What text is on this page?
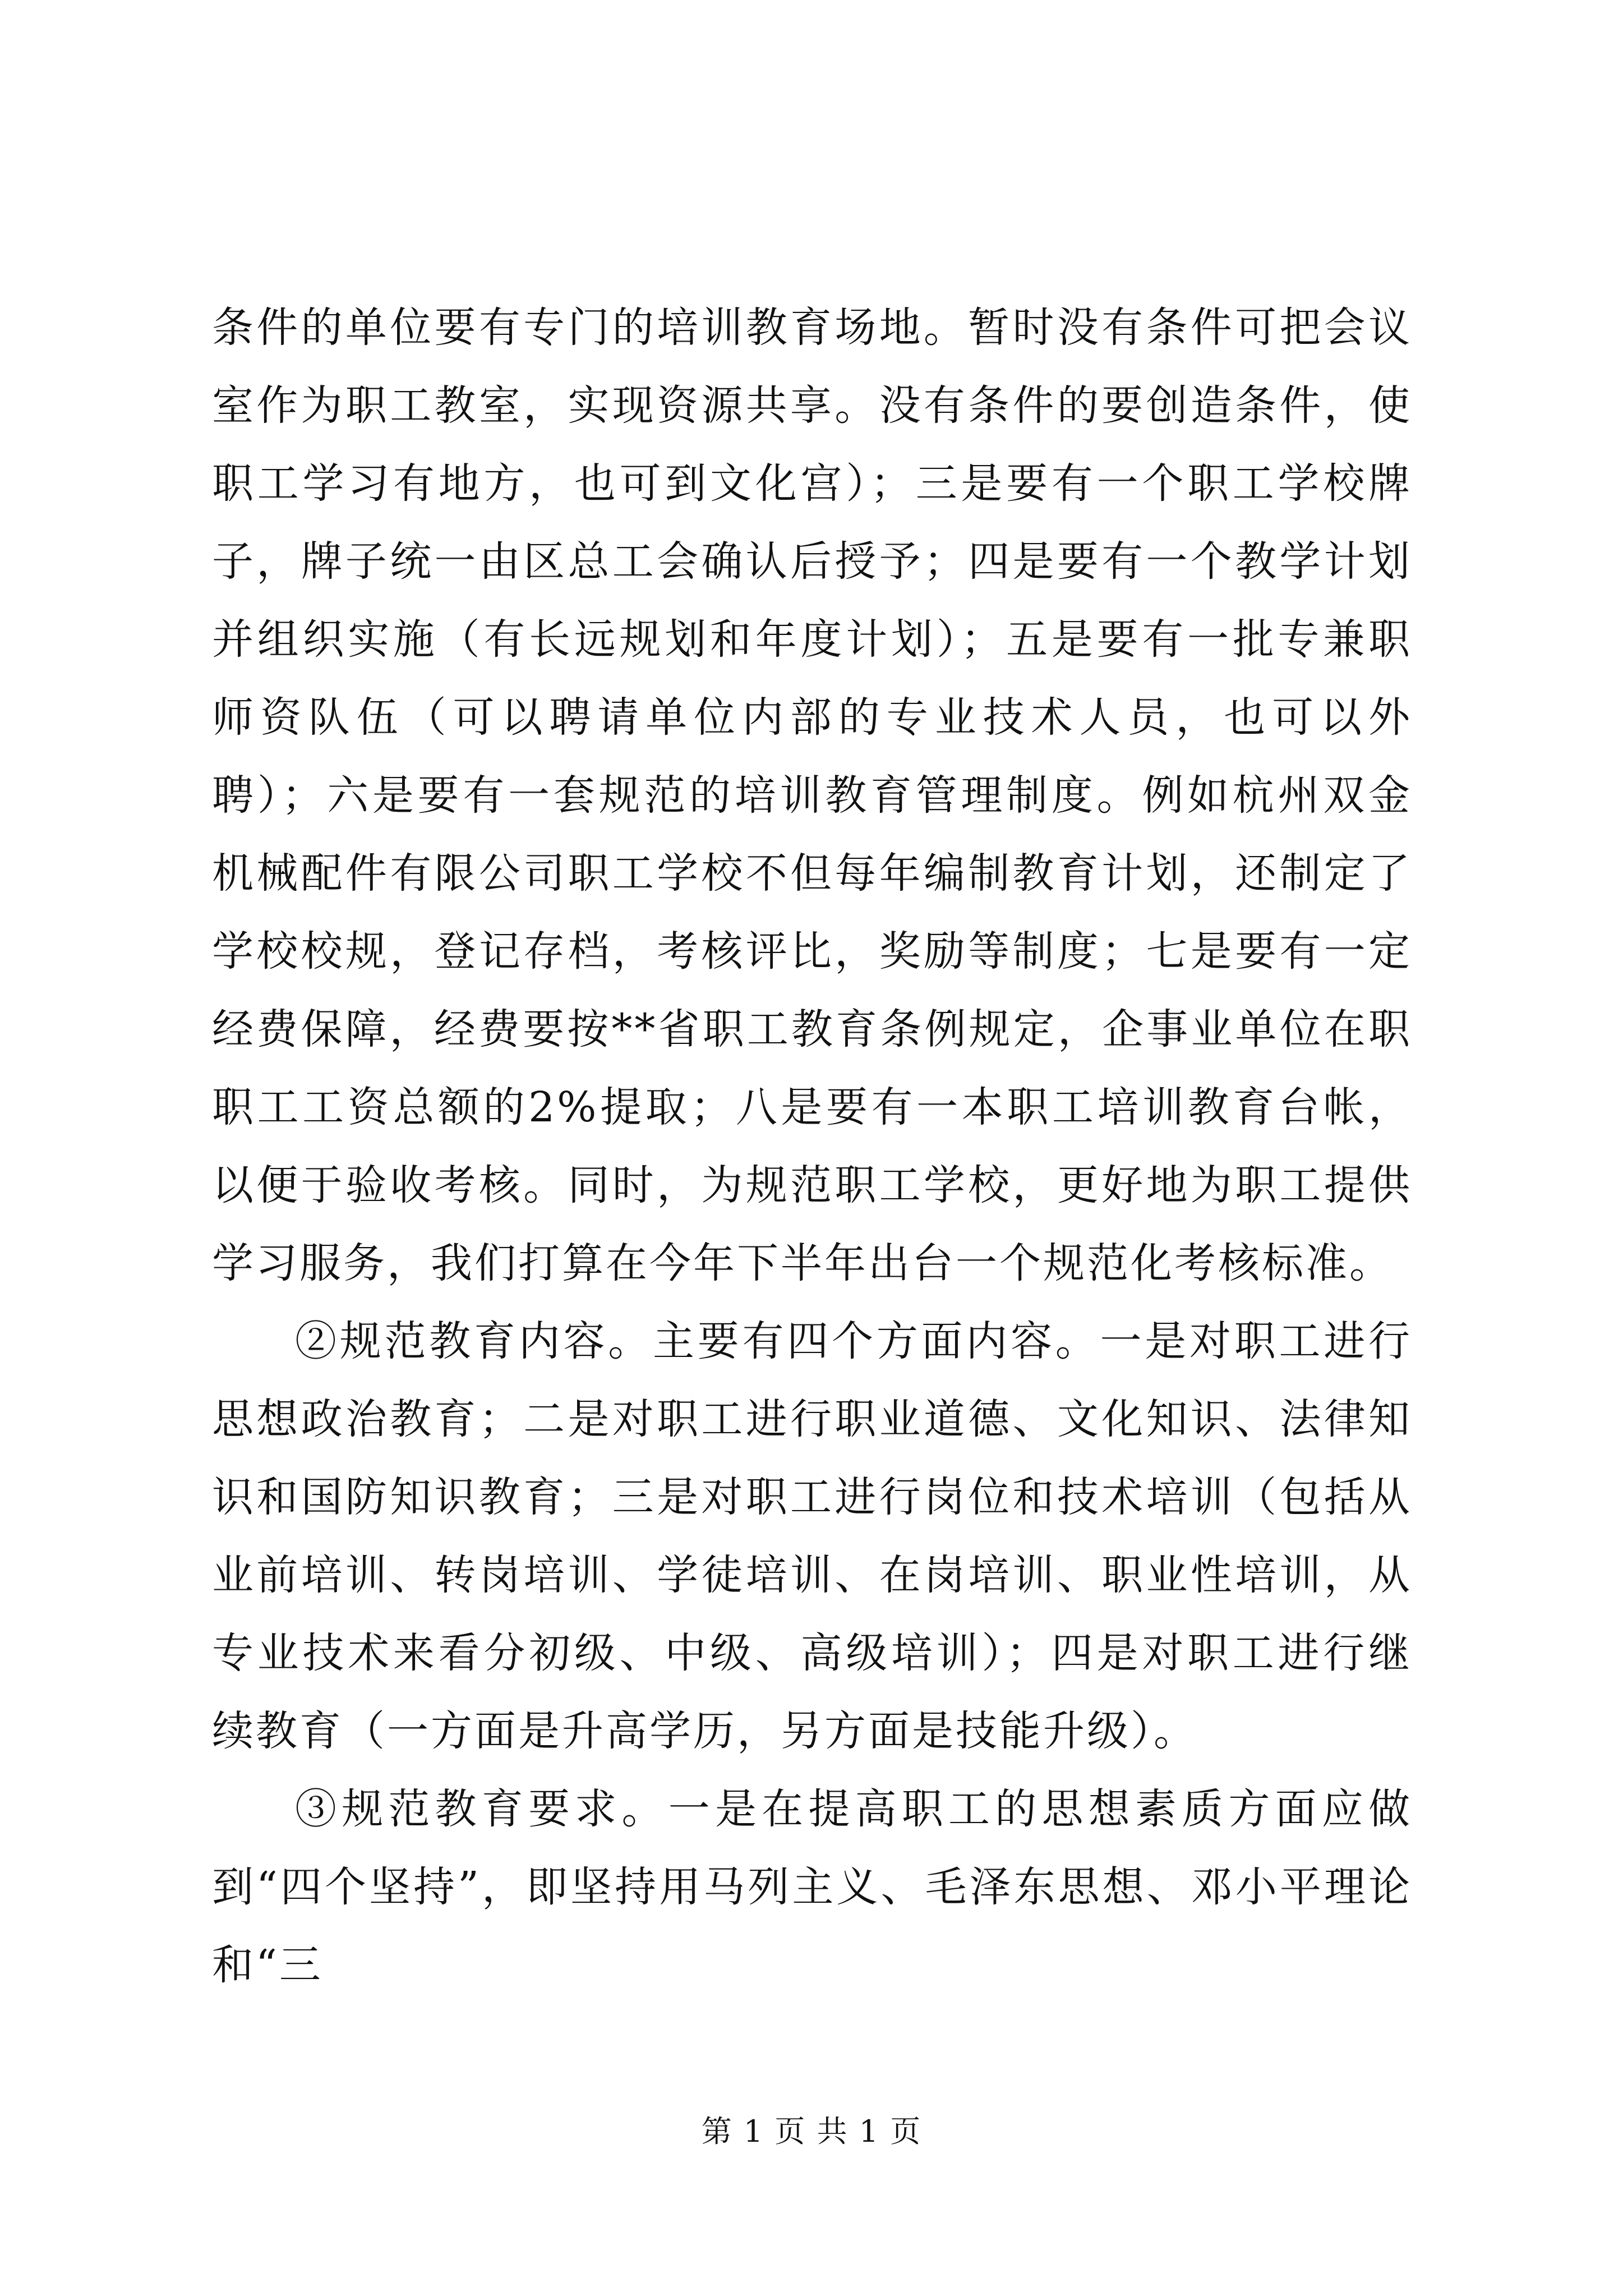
条件的单位要有专门的培训教育场地。暂时没有条件可把会议室作为职工教室，实现资源共享。没有条件的要创造条件，使职工学习有地方，也可到文化宫）；三是要有一个职工学校牌子，牌子统一由区总工会确认后授予；四是要有一个教学计划并组织实施（有长远规划和年度计划）；五是要有一批专兼职师资队伍（可以聘请单位内部的专业技术人员，也可以外聘）；六是要有一套规范的培训教育管理制度。例如杭州双金机械配件有限公司职工学校不但每年编制教育计划，还制定了学校校规，登记存档，考核评比，奖励等制度；七是要有一定经费保障，经费要按**省职工教育条例规定，企事业单位在职职工工资总额的2%提取；八是要有一本职工培训教育台帐，以便于验收考核。同时，为规范职工学校，更好地为职工提供学习服务，我们打算在今年下半年出台一个规范化考核标准。

②规范教育内容。主要有四个方面内容。一是对职工进行思想政治教育；二是对职工进行职业道德、文化知识、法律知识和国防知识教育；三是对职工进行岗位和技术培训（包括从业前培训、转岗培训、学徒培训、在岗培训、职业性培训，从专业技术来看分初级、中级、高级培训）；四是对职工进行继续教育（一方面是升高学历，另方面是技能升级）。

③规范教育要求。一是在提高职工的思想素质方面应做到“四个坚持”，即坚持用马列主义、毛泽东思想、邓小平理论和“三

第 1 页 共 1 页
